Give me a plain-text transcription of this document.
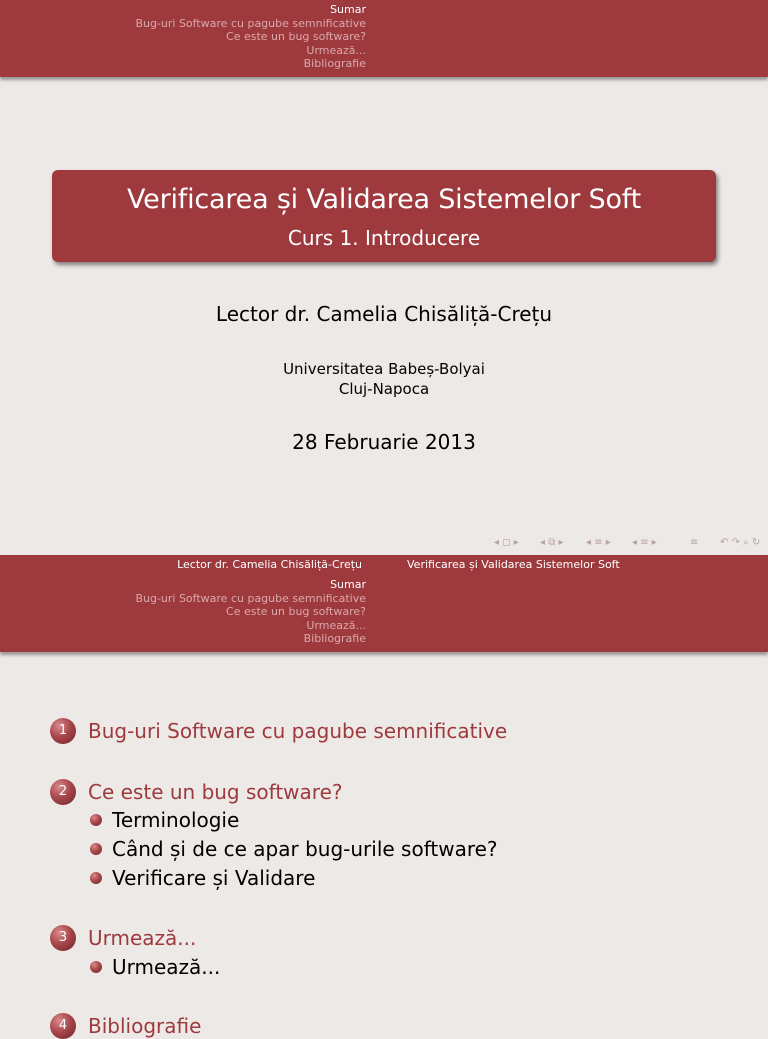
Sumar
Bug-uri Software cu pagube semnificative
Ce este un bug software?
Urmează...
Bibliografie
Verificarea și Validarea Sistemelor Soft
Curs 1. Introducere
Lector dr. Camelia Chisăliță-Crețu
Universitatea Babeș-Bolyai
Cluj-Napoca
28 Februarie 2013
◂ ◻ ▸ ◂ ⧉ ▸ ◂ ≡ ▸ ◂ ≡ ▸	≡ ↶ ↷ ⌕ ↻
Lector dr. Camelia Chisăliță-Crețu	Verificarea și Validarea Sistemelor Soft
Sumar
Bug-uri Software cu pagube semnificative
Ce este un bug software?
Urmează...
Bibliografie
1	Bug-uri Software cu pagube semnificative
2	Ce este un bug software?
Terminologie
Când și de ce apar bug-urile software?
Verificare și Validare
3	Urmează...
Urmează...
4	Bibliografie
